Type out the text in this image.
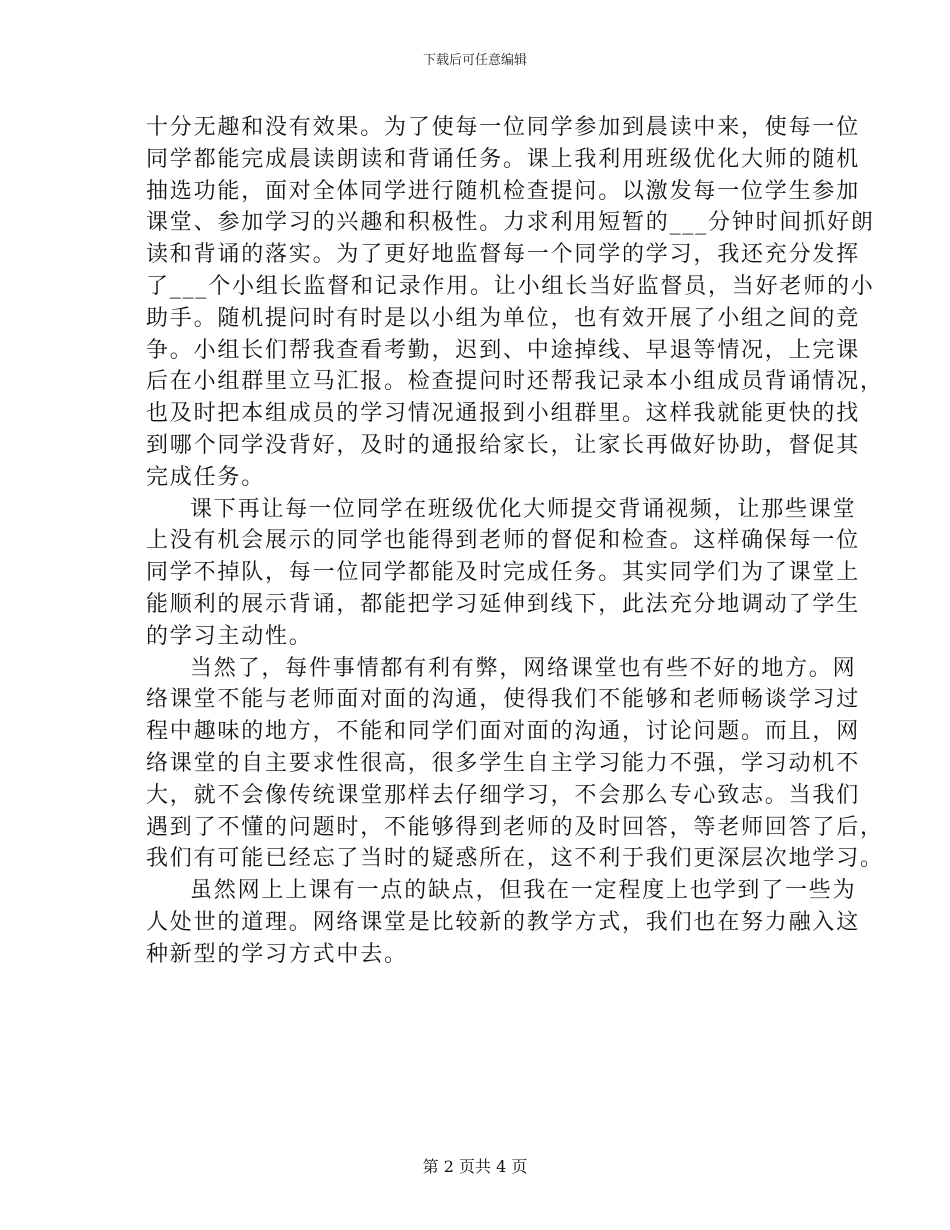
下载后可任意编辑
十分无趣和没有效果。为了使每一位同学参加到晨读中来，使每一位
同学都能完成晨读朗读和背诵任务。课上我利用班级优化大师的随机
抽选功能，面对全体同学进行随机检查提问。以激发每一位学生参加
课堂、参加学习的兴趣和积极性。力求利用短暂的___分钟时间抓好朗
读和背诵的落实。为了更好地监督每一个同学的学习，我还充分发挥
了___个小组长监督和记录作用。让小组长当好监督员，当好老师的小
助手。随机提问时有时是以小组为单位，也有效开展了小组之间的竞
争。小组长们帮我查看考勤，迟到、中途掉线、早退等情况，上完课
后在小组群里立马汇报。检查提问时还帮我记录本小组成员背诵情况，
也及时把本组成员的学习情况通报到小组群里。这样我就能更快的找
到哪个同学没背好，及时的通报给家长，让家长再做好协助，督促其
完成任务。
课下再让每一位同学在班级优化大师提交背诵视频，让那些课堂
上没有机会展示的同学也能得到老师的督促和检查。这样确保每一位
同学不掉队，每一位同学都能及时完成任务。其实同学们为了课堂上
能顺利的展示背诵，都能把学习延伸到线下，此法充分地调动了学生
的学习主动性。
当然了，每件事情都有利有弊，网络课堂也有些不好的地方。网
络课堂不能与老师面对面的沟通，使得我们不能够和老师畅谈学习过
程中趣味的地方，不能和同学们面对面的沟通，讨论问题。而且，网
络课堂的自主要求性很高，很多学生自主学习能力不强，学习动机不
大，就不会像传统课堂那样去仔细学习，不会那么专心致志。当我们
遇到了不懂的问题时，不能够得到老师的及时回答，等老师回答了后，
我们有可能已经忘了当时的疑惑所在，这不利于我们更深层次地学习。
虽然网上上课有一点的缺点，但我在一定程度上也学到了一些为
人处世的道理。网络课堂是比较新的教学方式，我们也在努力融入这
种新型的学习方式中去。
第 2 页共 4 页
